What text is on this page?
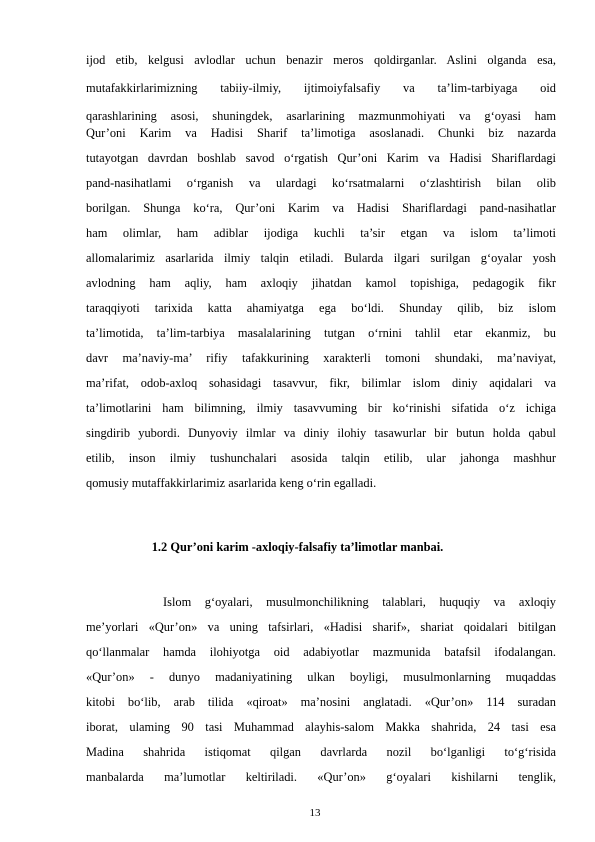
ijod etib, kelgusi avlodlar uchun benazir meros qoldirganlar. Aslini olganda esa,
mutafakkirlarimizning tabiiy-ilmiy, ijtimoiyfalsafiy va ta’lim-tarbiyaga oid
qarashlarining asosi, shuningdek, asarlarining mazmunmohiyati va g‘oyasi ham
Qur’oni Karim va Hadisi Sharif ta’limotiga asoslanadi. Chunki biz nazarda
tutayotgan davrdan boshlab savod o‘rgatish Qur’oni Karim va Hadisi Shariflardagi
pand-nasihatlami o‘rganish va ulardagi ko‘rsatmalarni o‘zlashtirish bilan olib
borilgan. Shunga ko‘ra, Qur’oni Karim va Hadisi Shariflardagi pand-nasihatlar
ham olimlar, ham adiblar ijodiga kuchli ta’sir etgan va islom ta’limoti
allomalarimiz asarlarida ilmiy talqin etiladi. Bularda ilgari surilgan g‘oyalar yosh
avlodning ham aqliy, ham axloqiy jihatdan kamol topishiga, pedagogik fikr
taraqqiyoti tarixida katta ahamiyatga ega bo‘ldi. Shunday qilib, biz islom
ta’limotida, ta’lim-tarbiya masalalarining tutgan o‘rnini tahlil etar ekanmiz, bu
davr ma’naviy-ma’ rifiy tafakkurining xarakterli tomoni shundaki, ma’naviyat,
ma’rifat, odob-axloq sohasidagi tasavvur, fikr, bilimlar islom diniy aqidalari va
ta’limotlarini ham bilimning, ilmiy tasavvuming bir ko‘rinishi sifatida o‘z ichiga
singdirib yubordi. Dunyoviy ilmlar va diniy ilohiy tasawurlar bir butun holda qabul
etilib, inson ilmiy tushunchalari asosida talqin etilib, ular jahonga mashhur
qomusiy mutaffakkirlarimiz asarlarida keng o‘rin egalladi.
1.2 Qur’oni karim -axloqiy-falsafiy ta’limotlar manbai.
Islom g‘oyalari, musulmonchilikning talablari, huquqiy va axloqiy
me’yorlari «Qur’on» va uning tafsirlari, «Hadisi sharif», shariat qoidalari bitilgan
qo‘llanmalar hamda ilohiyotga oid adabiyotlar mazmunida batafsil ifodalangan.
«Qur’on» - dunyo madaniyatining ulkan boyligi, musulmonlarning muqaddas
kitobi bo‘lib, arab tilida «qiroat» ma’nosini anglatadi. «Qur’on» 114 suradan
iborat, ulaming 90 tasi Muhammad alayhis-salom Makka shahrida, 24 tasi esa
Madina shahrida istiqomat qilgan davrlarda nozil bo‘lganligi to‘g‘risida
manbalarda ma’lumotlar keltiriladi. «Qur’on» g‘oyalari kishilarni tenglik,
13
